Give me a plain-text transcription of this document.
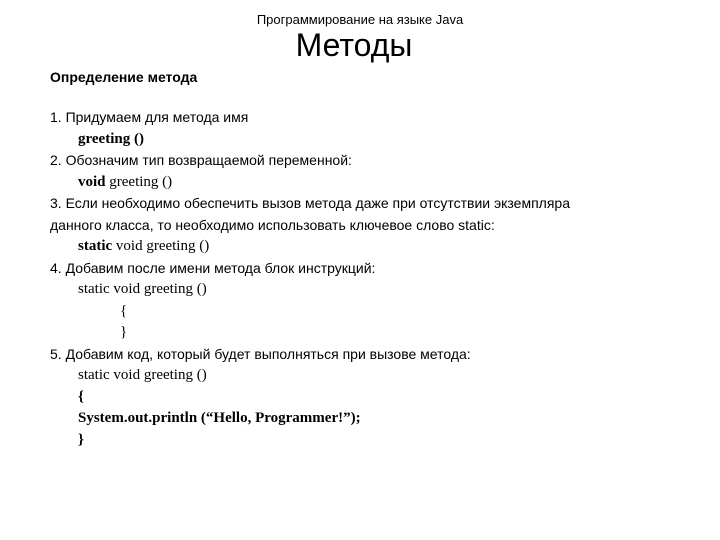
Программирование на языке Java
Методы
Определение метода
1. Придумаем для метода имя
greeting ()
2. Обозначим тип возвращаемой переменной:
void greeting ()
3. Если необходимо обеспечить вызов метода даже при отсутствии экземпляра
данного класса, то необходимо использовать ключевое слово static:
static void greeting ()
4. Добавим после имени метода блок инструкций:
static void greeting ()
{
}
5. Добавим код, который будет выполняться при вызове метода:
static void greeting ()
{
System.out.println (“Hello, Programmer!”);
}
